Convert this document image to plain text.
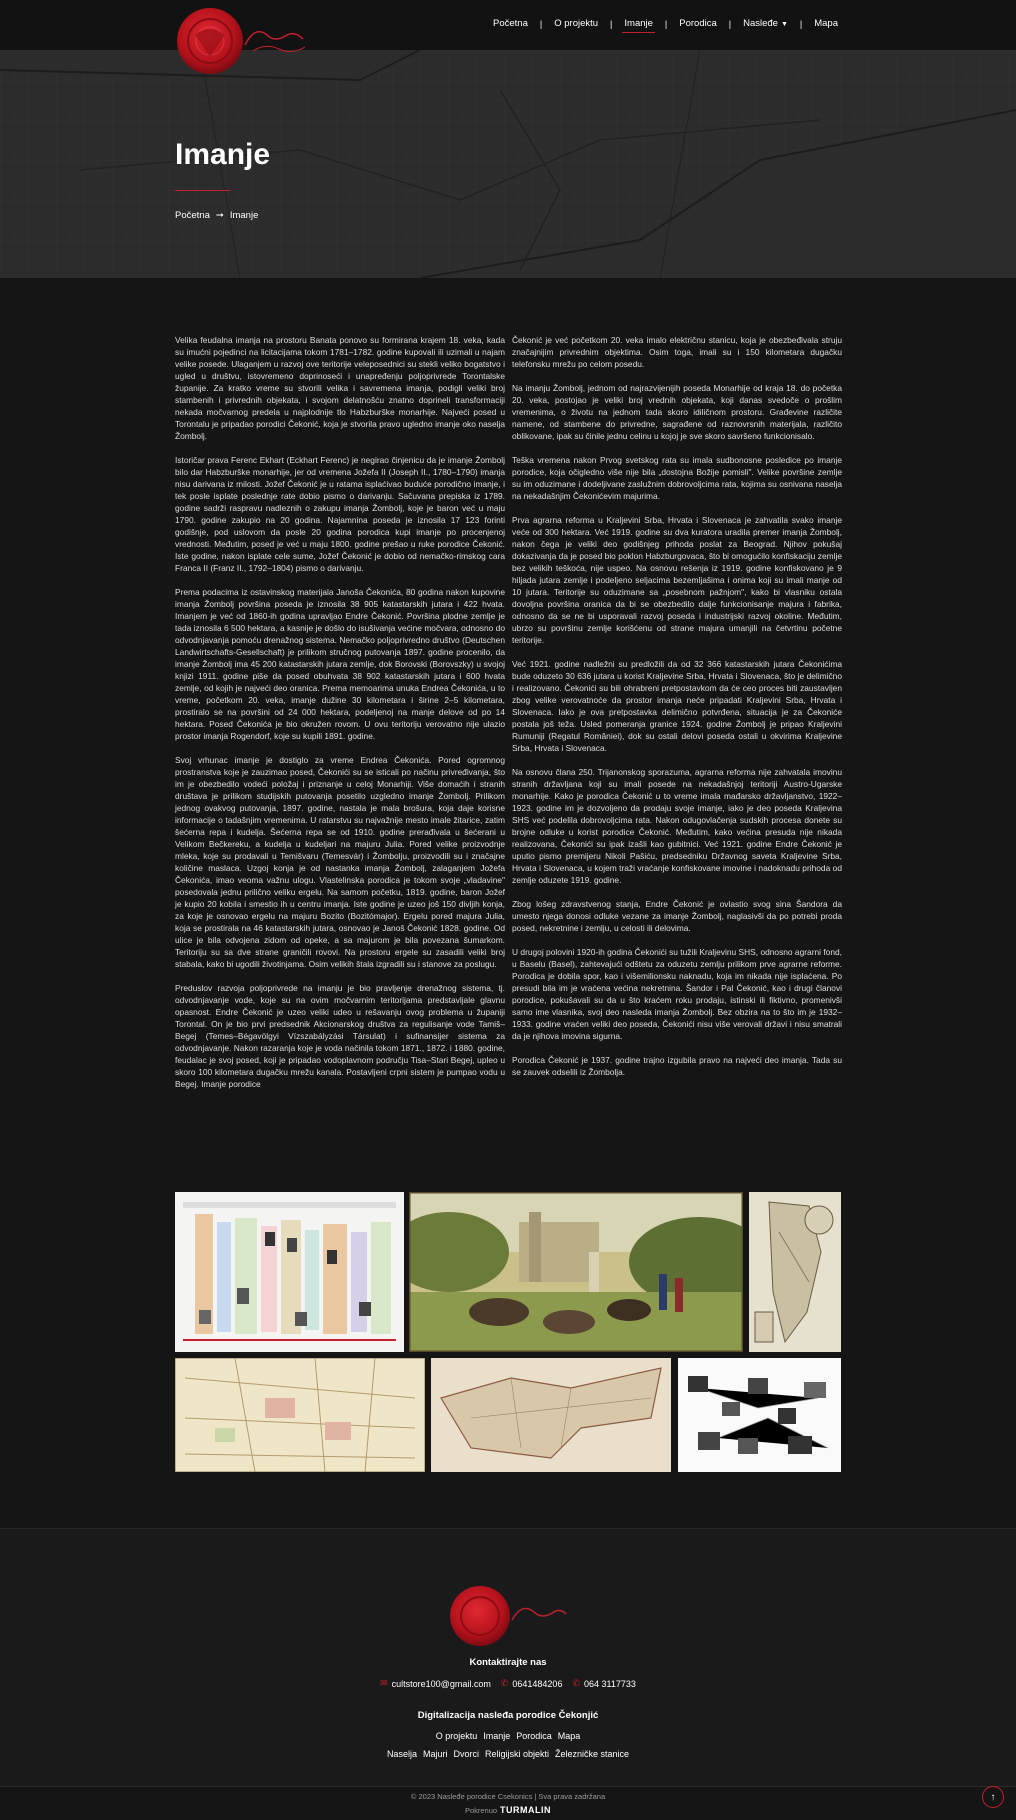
Početna | O projektu | Imanje | Porodica | Nasleđe ▼ | Mapa
Imanje
Početna ➞ Imanje

Velika feudalna imanja na prostoru Banata ponovo su formirana krajem 18. veka, kada su imućni pojedinci na licitacijama tokom 1781–1782. godine kupovali ili uzimali u najam velike posede. Ulaganjem u razvoj ove teritorije veleposednici su stekli veliko bogatstvo i ugled u društvu, istovremeno doprinoseći i unapređenju poljoprivrede Torontalske županije. Za kratko vreme su stvorili velika i savremena imanja, podigli veliki broj stambenih i privrednih objekata, i svojom delatnošću znatno doprineli transformaciji nekada močvarnog predela u najplodnije tlo Habzburške monarhije. Najveći posed u Torontalu je pripadao porodici Čekonić, koja je stvorila pravo ugledno imanje oko naselja Žombolj.

Istoričar prava Ferenc Ekhart (Eckhart Ferenc) je negirao činjenicu da je imanje Žombolj bilo dar Habzburške monarhije, jer od vremena Jožefa II (Joseph II., 1780–1790) imanja nisu darivana iz milosti. Jožef Čekonić je u ratama isplaćivao buduće porodično imanje, i tek posle isplate poslednje rate dobio pismo o darivanju. Sačuvana prepiska iz 1789. godine sadrži raspravu nadleznih o zakupu imanja Žombolj, koje je baron već u maju 1790. godine zakupio na 20 godina. Najamnina poseda je iznosila 17 123 forinti godišnje, pod uslovom da posle 20 godina porodica kupi imanje po procenjenoj vrednosti. Međutim, posed je već u maju 1800. godine prešao u ruke porodice Čekonić. Iste godine, nakon isplate cele sume, Jožef Čekonić je dobio od nemačko-rimskog cara Franca II (Franz II., 1792–1804) pismo o darivanju.

Prema podacima iz ostavinskog materijala Janoša Čekonića, 80 godina nakon kupovine imanja Žombolj površina poseda je iznosila 38 905 katastarskih jutara i 422 hvata. Imanjem je već od 1860-ih godina upravljao Endre Čekonić. Površina plodne zemlje je tada iznosila 6 500 hektara, a kasnije je došlo do isušivanja većine močvara, odnosno do odvodnjavanja pomoću drenažnog sistema. Nemačko poljoprivredno društvo (Deutschen Landwirtschafts-Gesellschaft) je prilikom stručnog putovanja 1897. godine procenilo, da imanje Žombolj ima 45 200 katastarskih jutara zemlje, dok Borovski (Borovszky) u svojoj knjizi 1911. godine piše da posed obuhvata 38 902 katastarskih jutara i 600 hvata zemlje, od kojih je najveći deo oranica. Prema memoarima unuka Endrea Čekonića, u to vreme, početkom 20. veka, imanje dužine 30 kilometara i širine 2–5 kilometara, prostiralo se na površini od 24 000 hektara, podeljenoj na manje delove od po 14 hektara. Posed Čekonića je bio okružen rovom. U ovu teritoriju verovatno nije ulazio prostor imanja Rogendorf, koje su kupili 1891. godine.

Svoj vrhunac imanje je dostiglo za vreme Endrea Čekonića. Pored ogromnog prostranstva koje je zauzimao posed, Čekonići su se isticali po načinu privređivanja, što im je obezbedilo vodeći položaj i priznanje u celoj Monarhiji. Više domaćih i stranih društava je prilikom studijskih putovanja posetilo uzgledno imanje Žombolj. Prilikom jednog ovakvog putovanja, 1897. godine, nastala je mala brošura, koja daje korisne informacije o tadašnjim vremenima. U ratarstvu su najvažnije mesto imale žitarice, zatim šećerna repa i kudelja. Šećerna repa se od 1910. godine prerađivala u šećerani u Velikom Bečkereku, a kudelja u kudeljari na majuru Julia. Pored velike proizvodnje mleka, koje su prodavali u Temišvaru (Temesvár) i Žombolju, proizvodili su i značajne količine maslaca. Uzgoj konja je od nastanka imanja Žombolj, zalaganjem Jožefa Čekonića, imao veoma važnu ulogu. Vlastelinska porodica je tokom svoje „vladavine" posedovala jednu prilično veliku ergelu. Na samom početku, 1819. godine, baron Jožef je kupio 20 kobila i smestio ih u centru imanja. Iste godine je uzeo još 150 divljih konja, za koje je osnovao ergelu na majuru Bozito (Bozitómajor). Ergelu pored majura Julia, koja se prostirala na 46 katastarskih jutara, osnovao je Janoš Čekonić 1828. godine. Od ulice je bila odvojena zidom od opeke, a sa majurom je bila povezana šumarkom. Teritoriju su sa dve strane graničili rovovi. Na prostoru ergele su zasadili veliki broj stabala, kako bi ugodili životinjama. Osim velikih štala izgradili su i stanove za poslugu.

Preduslov razvoja poljoprivrede na imanju je bio pravljenje drenažnog sistema, tj. odvodnjavanje vode, koje su na ovim močvarnim teritorijama predstavljale glavnu opasnost. Endre Čekonić je uzeo veliki udeo u rešavanju ovog problema u županiji Torontal. On je bio prvi predsednik Akcionarskog društva za regulisanje vode Tamiš–Begej (Temes–Bégavölgyi Vízszabályzási Társulat) i sufinansijer sistema za odvodnjavanje. Nakon razaranja koje je voda načinila tokom 1871., 1872. i 1880. godine, feudalac je svoj posed, koji je pripadao vodoplavnom području Tisa–Stari Begej, upleo u skoro 100 kilometara dugačku mrežu kanala. Postavljeni crpni sistem je pumpao vodu u Begej. Imanje porodice

Čekonić je već početkom 20. veka imalo električnu stanicu, koja je obezbeđivala struju značajnijim privrednim objektima. Osim toga, imali su i 150 kilometara dugačku telefonsku mrežu po celom posedu.

Na imanju Žombolj, jednom od najrazvijenijih poseda Monarhije od kraja 18. do početka 20. veka, postojao je veliki broj vrednih objekata, koji danas svedoče o prošlim vremenima, o životu na jednom tada skoro idiličnom prostoru. Građevine različite namene, od stambene do privredne, sagrađene od raznovrsnih materijala, različito oblikovane, ipak su činile jednu celinu u kojoj je sve skoro savršeno funkcionisalo.

Teška vremena nakon Prvog svetskog rata su imala sudbonosne posledice po imanje porodice, koja očigledno više nije bila „dostojna Božije pomisli". Velike površine zemlje su im oduzimane i dodeljivane zaslužnim dobrovoljcima rata, kojima su osnivana naselja na nekadašnjim Čekonićevim majurima.

Prva agrarna reforma u Kraljevini Srba, Hrvata i Slovenaca je zahvatila svako imanje veće od 300 hektara. Već 1919. godine su dva kuratora uradila premer imanja Žombolj, nakon čega je veliki deo godišnjeg prihoda poslat za Beograd. Njihov pokušaj dokazivanja da je posed bio poklon Habzburgovaca, što bi omogućilo konfiskaciju zemlje bez velikih teškoća, nije uspeo. Na osnovu rešenja iz 1919. godine konfiskovano je 9 hiljada jutara zemlje i podeljeno seljacima bezemljašima i onima koji su imali manje od 10 jutara. Teritorije su oduzimane sa „posebnom pažnjom", kako bi vlasniku ostala dovoljna površina oranica da bi se obezbedilo dalje funkcionisanje majura i fabrika, odnosno da se ne bi usporavali razvoj poseda i industrijski razvoj okoline. Međutim, ubrzo su površinu zemlje korišćenu od strane majura umanjili na četvrtinu početne teritorije.

Već 1921. godine nadležni su predložili da od 32 366 katastarskih jutara Čekonićima bude oduzeto 30 636 jutara u korist Kraljevine Srba, Hrvata i Slovenaca, što je delimično i realizovano. Čekonići su bili ohrabreni pretpostavkom da će ceo proces biti zaustavljen zbog velike verovatnoće da prostor imanja neće pripadati Kraljevini Srba, Hrvata i Slovenaca. Iako je ova pretpostavka delimično potvrđena, situacija je za Čekoniće postala još teža. Usled pomeranja granice 1924. godine Žombolj je pripao Kraljevini Rumuniji (Regatul României), dok su ostali delovi poseda ostali u okvirima Kraljevine Srba, Hrvata i Slovenaca.

Na osnovu člana 250. Trijanonskog sporazuma, agrarna reforma nije zahvatala imovinu stranih državljana koji su imali posede na nekadašnjoj teritoriji Austro-Ugarske monarhije. Kako je porodica Čekonić u to vreme imala mađarsko državljanstvo, 1922–1923. godine im je dozvoljeno da prodaju svoje imanje, iako je deo poseda Kraljevina SHS već podelila dobrovoljcima rata. Nakon odugovlačenja sudskih procesa donete su brojne odluke u korist porodice Čekonić. Međutim, kako većina presuda nije nikada realizovana, Čekonići su ipak izašli kao gubitnici. Već 1921. godine Endre Čekonić je uputio pismo premijeru Nikoli Pašiću, predsedniku Državnog saveta Kraljevine Srba, Hrvata i Slovenaca, u kojem traži vraćanje konfiskovane imovine i nadoknadu prihoda od zemlje oduzete 1919. godine.

Zbog lošeg zdravstvenog stanja, Endre Čekonić je ovlastio svog sina Šandora da umesto njega donosi odluke vezane za imanje Žombolj, naglasivši da po potrebi proda posed, nekretnine i zemlju, u celosti ili delovima.

U drugoj polovini 1920-ih godina Čekonići su tužili Kraljevinu SHS, odnosno agrarni fond, u Baselu (Basel), zahtevajući odštetu za oduzetu zemlju prilikom prve agrarne reforme. Porodica je dobila spor, kao i višemilionsku naknadu, koja im nikada nije isplaćena. Po presudi bila im je vraćena većina nekretnina. Šandor i Pal Čekonić, kao i drugi članovi porodice, pokušavali su da u što kraćem roku prodaju, istinski ili fiktivno, promenivši samo ime vlasnika, svoj deo nasleda imanja Žombolj. Bez obzira na to što im je 1932–1933. godine vraćen veliki deo poseda, Čekonići nisu više verovali državi i nisu smatrali da je njihova imovina sigurna.

Porodica Čekonić je 1937. godine trajno izgubila pravo na najveći deo imanja. Tada su se zauvek odselili iz Žombolja.

Kontaktirajte nas
✉ cultstore100@gmail.com ✆ 0641484206 ✆ 064 3117733
Digitalizacija nasleđa porodice Čekonjić
O projektu Imanje Porodica Mapa
Naselja Majuri Dvorci Religijski objekti Železničke stanice
© 2023 Nasleđe porodice Csekonics | Sva prava zadržana
Pokrenuo TURMALIN
↑
